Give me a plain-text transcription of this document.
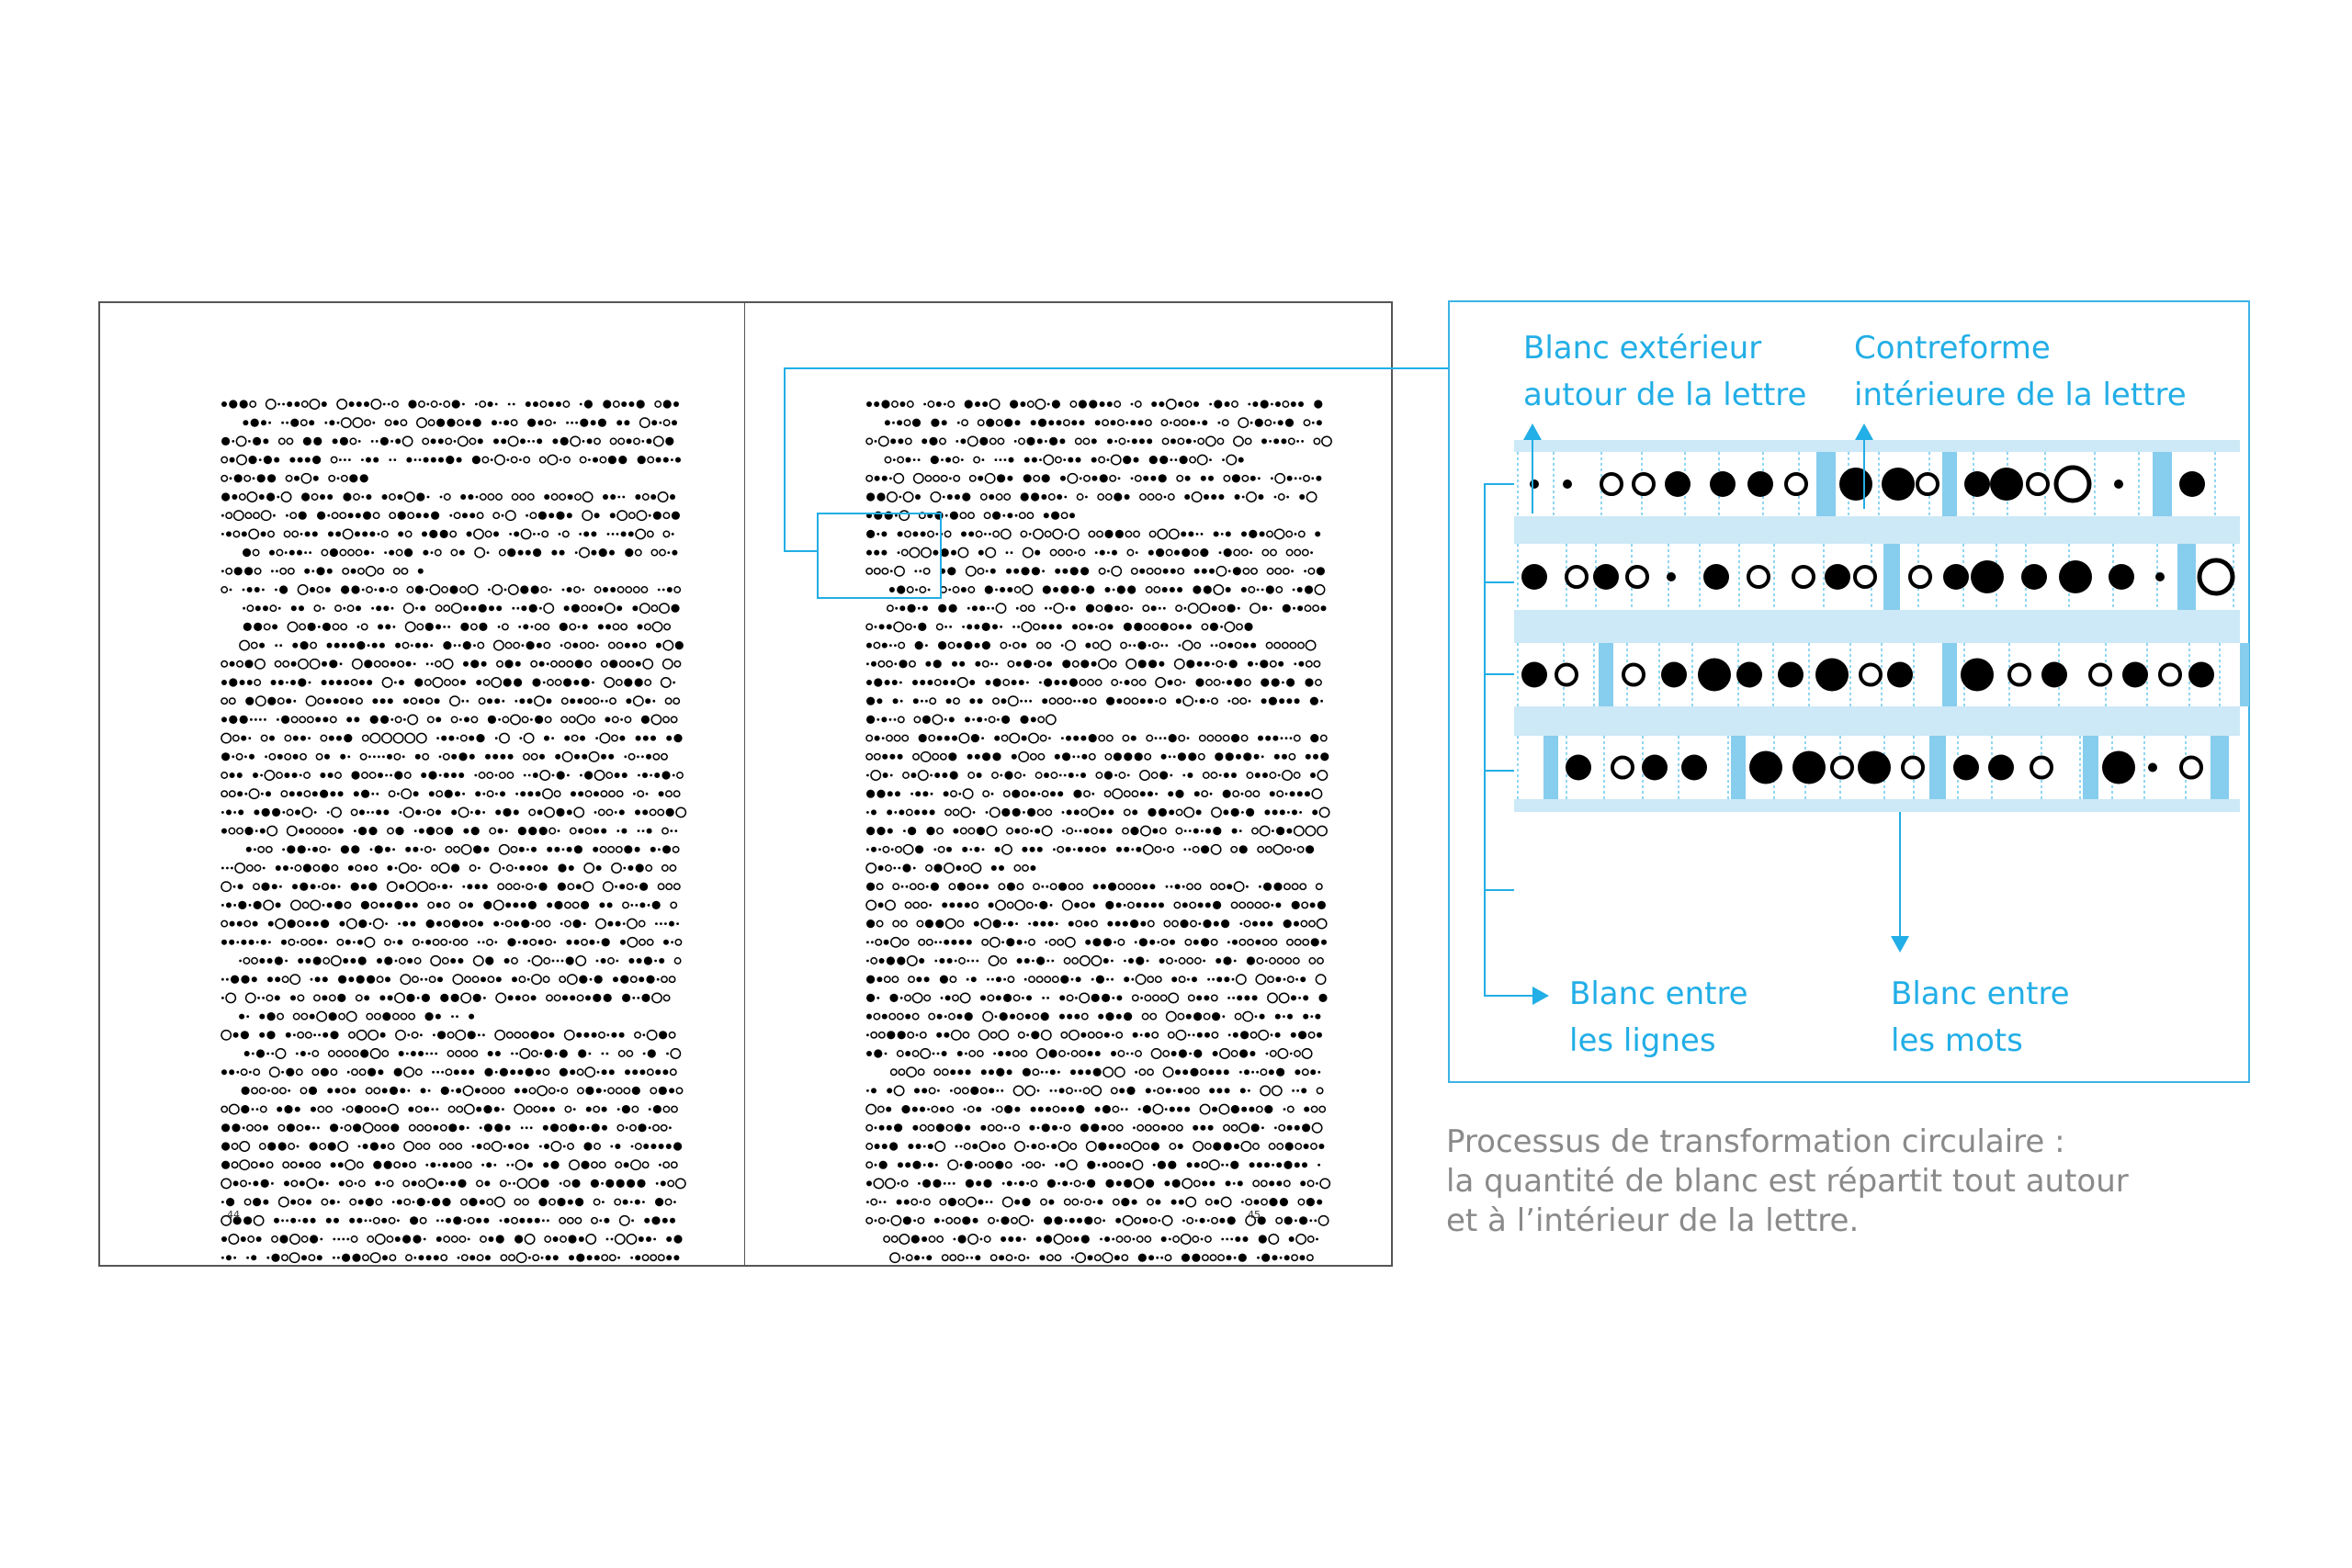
44	45
Blanc extérieur
autour de la lettre
Contreforme
intérieure de la lettre
Blanc entre
les lignes
Blanc entre
les mots
Processus de transformation circulaire :
la quantité de blanc est répartit tout autour
et à l’intérieur de la lettre.
